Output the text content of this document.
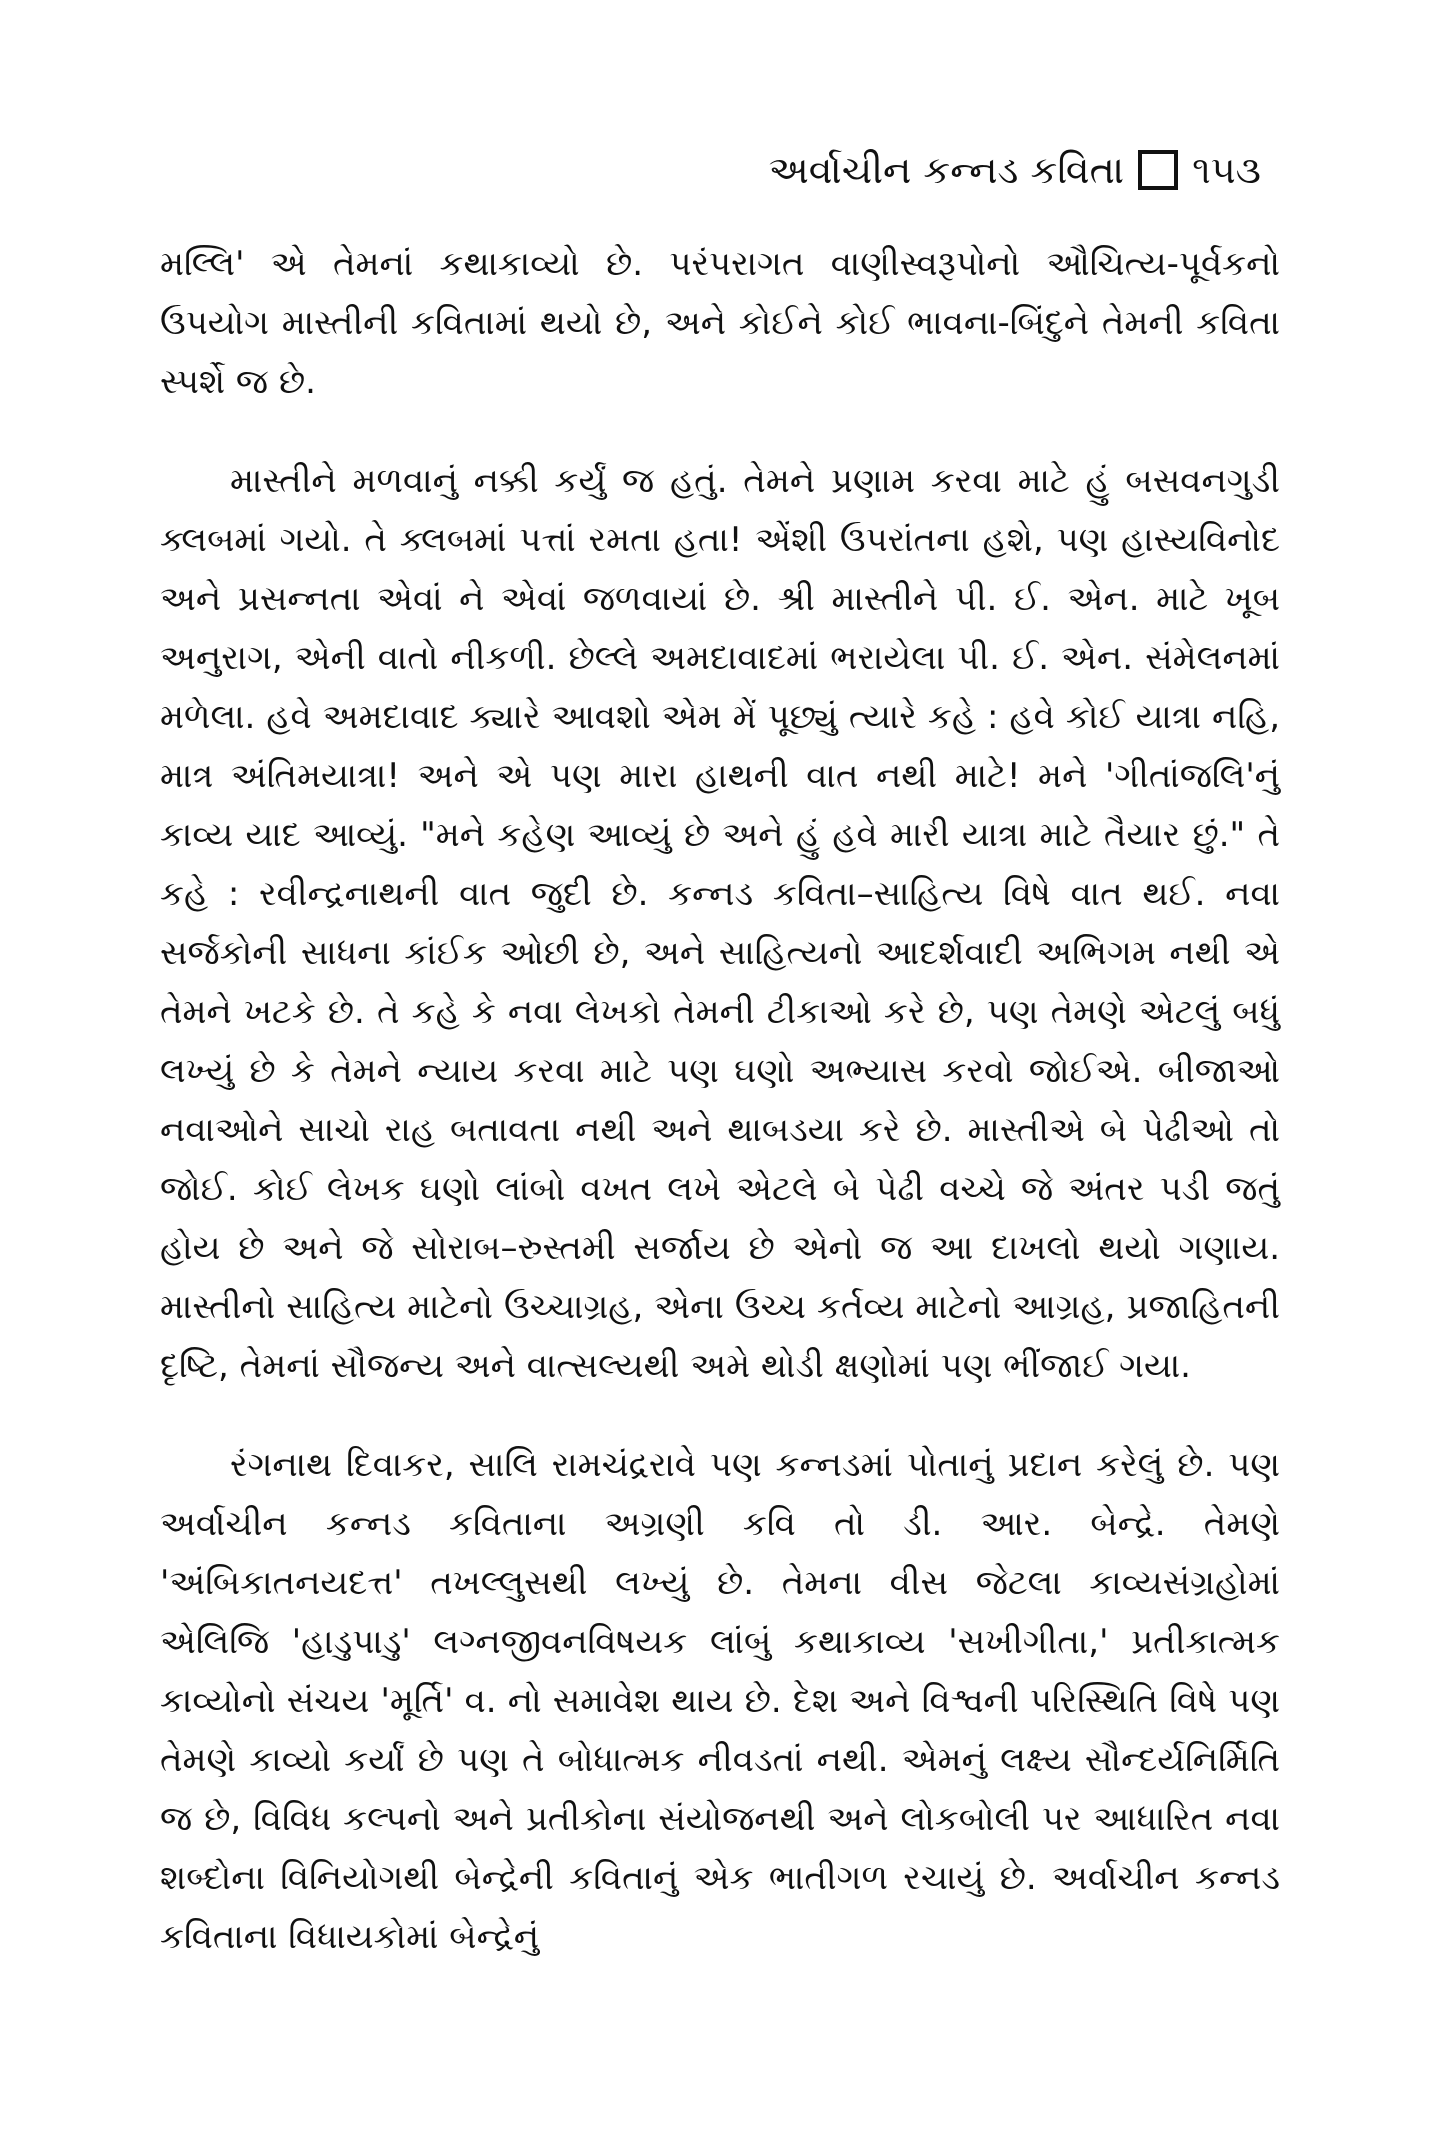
અર્વાચીન કન્નડ કવિતા ૧૫૩

મલ્લિ' એ તેમનાં કથાકાવ્યો છે. પરંપરાગત વાણીસ્વરૂપોનો ઔચિત્ય-પૂર્વકનો ઉપયોગ માસ્તીની કવિતામાં થયો છે, અને કોઈને કોઈ ભાવના-બિંદુને તેમની કવિતા સ્પર્શે જ છે.

માસ્તીને મળવાનું નક્કી કર્યું જ હતું. તેમને પ્રણામ કરવા માટે હું બસવનગુડી ક્લબમાં ગયો. તે ક્લબમાં પત્તાં રમતા હતા! એંશી ઉપરાંતના હશે, પણ હાસ્યવિનોદ અને પ્રસન્નતા એવાં ને એવાં જળવાયાં છે. શ્રી માસ્તીને પી. ઈ. એન. માટે ખૂબ અનુરાગ, એની વાતો નીકળી. છેલ્લે અમદાવાદમાં ભરાયેલા પી. ઈ. એન. સંમેલનમાં મળેલા. હવે અમદાવાદ ક્યારે આવશો એમ મેં પૂછ્યું ત્યારે કહે : હવે કોઈ યાત્રા નહિ, માત્ર અંતિમયાત્રા! અને એ પણ મારા હાથની વાત નથી માટે! મને 'ગીતાંજલિ'નું કાવ્ય યાદ આવ્યું. "મને કહેણ આવ્યું છે અને હું હવે મારી યાત્રા માટે તૈયાર છું." તે કહે : રવીન્દ્રનાથની વાત જુદી છે. કન્નડ કવિતા–સાહિત્ય વિષે વાત થઈ. નવા સર્જકોની સાધના કાંઈક ઓછી છે, અને સાહિત્યનો આદર્શવાદી અભિગમ નથી એ તેમને ખટકે છે. તે કહે કે નવા લેખકો તેમની ટીકાઓ કરે છે, પણ તેમણે એટલું બધું લખ્યું છે કે તેમને ન્યાય કરવા માટે પણ ઘણો અભ્યાસ કરવો જોઈએ. બીજાઓ નવાઓને સાચો રાહ બતાવતા નથી અને થાબડયા કરે છે. માસ્તીએ બે પેઢીઓ તો જોઈ. કોઈ લેખક ઘણો લાંબો વખત લખે એટલે બે પેઢી વચ્ચે જે અંતર પડી જતું હોય છે અને જે સોરાબ–રુસ્તમી સર્જાય છે એનો જ આ દાખલો થયો ગણાય. માસ્તીનો સાહિત્ય માટેનો ઉચ્ચાગ્રહ, એના ઉચ્ચ કર્તવ્ય માટેનો આગ્રહ, પ્રજાહિતની દૃષ્ટિ, તેમનાં સૌજન્ય અને વાત્સલ્યથી અમે થોડી ક્ષણોમાં પણ ભીંજાઈ ગયા.

રંગનાથ દિવાકર, સાલિ રામચંદ્રરાવે પણ કન્નડમાં પોતાનું પ્રદાન કરેલું છે. પણ અર્વાચીન કન્નડ કવિતાના અગ્રણી કવિ તો ડી. આર. બેન્દ્રે. તેમણે 'અંબિકાતનયદત્ત' તખલ્લુસથી લખ્યું છે. તેમના વીસ જેટલા કાવ્યસંગ્રહોમાં એલિજિ 'હાડુપાડુ' લગ્નજીવનવિષયક લાંબું કથાકાવ્ય 'સખીગીતા,' પ્રતીકાત્મક કાવ્યોનો સંચય 'મૂર્તિ' વ. નો સમાવેશ થાય છે. દેશ અને વિશ્વની પરિસ્થિતિ વિષે પણ તેમણે કાવ્યો કર્યાં છે પણ તે બોધાત્મક નીવડતાં નથી. એમનું લક્ષ્ય સૌન્દર્યનિર્મિતિ જ છે, વિવિધ કલ્પનો અને પ્રતીકોના સંયોજનથી અને લોકબોલી પર આધારિત નવા શબ્દોના વિનિયોગથી બેન્દ્રેની કવિતાનું એક ભાતીગળ રચાયું છે. અર્વાચીન કન્નડ કવિતાના વિધાયકોમાં બેન્દ્રેનું
